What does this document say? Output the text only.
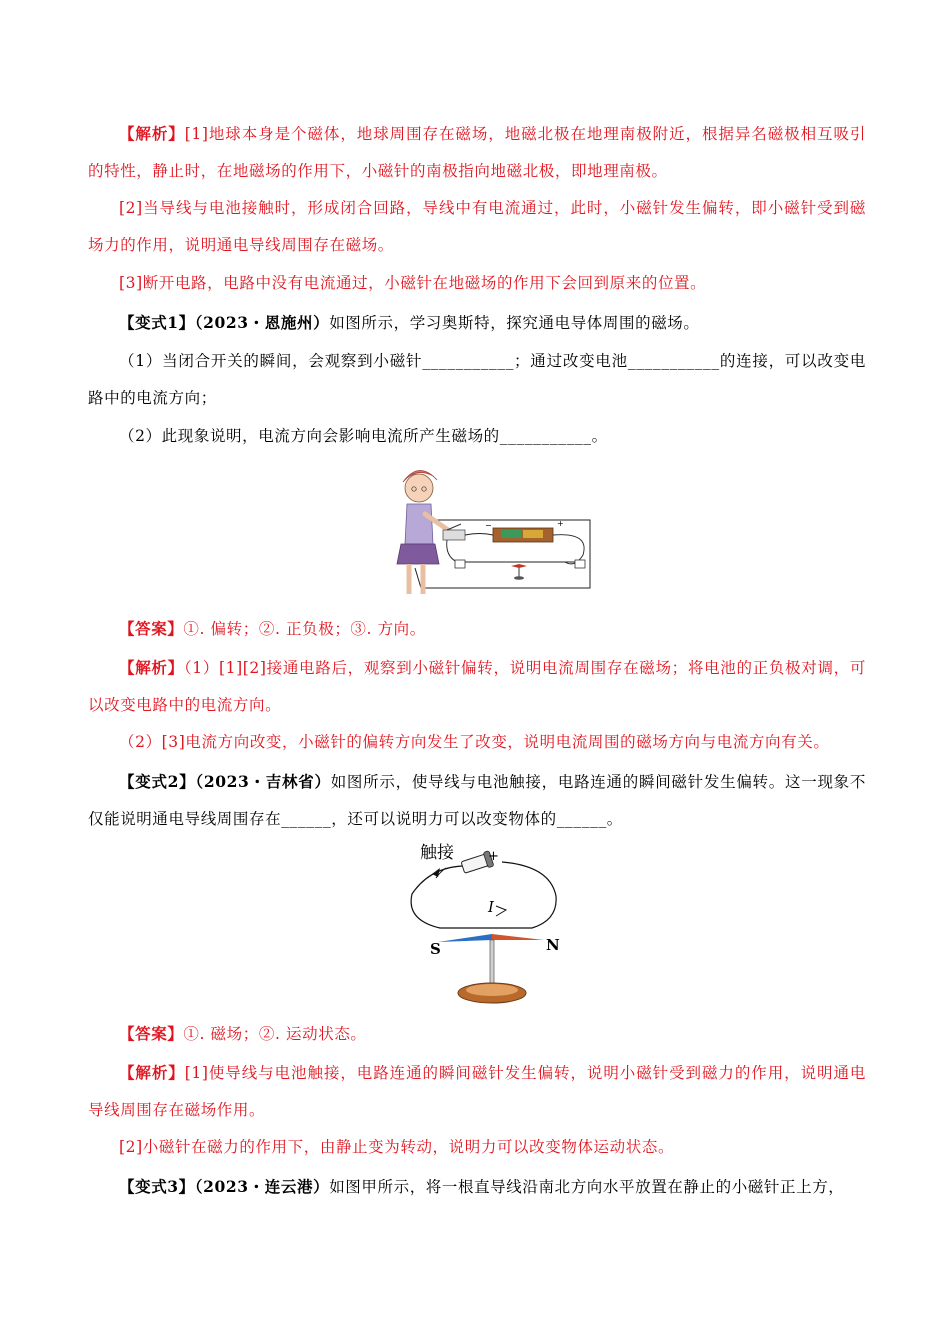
【解析】[1]地球本身是个磁体，地球周围存在磁场，地磁北极在地理南极附近，根据异名磁极相互吸引的特性，静止时，在地磁场的作用下，小磁针的南极指向地磁北极，即地理南极。

[2]当导线与电池接触时，形成闭合回路，导线中有电流通过，此时，小磁针发生偏转，即小磁针受到磁场力的作用，说明通电导线周围存在磁场。

[3]断开电路，电路中没有电流通过，小磁针在地磁场的作用下会回到原来的位置。

【变式1】（2023・恩施州）如图所示，学习奥斯特，探究通电导体周围的磁场。

（1）当闭合开关的瞬间，会观察到小磁针___________；通过改变电池___________的连接，可以改变电路中的电流方向；

（2）此现象说明，电流方向会影响电流所产生磁场的___________。

−	+

【答案】①. 偏转；②. 正负极；③. 方向。

【解析】（1）[1][2]接通电路后，观察到小磁针偏转，说明电流周围存在磁场；将电池的正负极对调，可以改变电路中的电流方向。

（2）[3]电流方向改变，小磁针的偏转方向发生了改变，说明电流周围的磁场方向与电流方向有关。

【变式2】（2023・吉林省）如图所示，使导线与电池触接，电路连通的瞬间磁针发生偏转。这一现象不仅能说明通电导线周围存在______，还可以说明力可以改变物体的______。

触接	+
I
S	N

【答案】①. 磁场；②. 运动状态。

【解析】[1]使导线与电池触接，电路连通的瞬间磁针发生偏转，说明小磁针受到磁力的作用，说明通电导线周围存在磁场作用。

[2]小磁针在磁力的作用下，由静止变为转动，说明力可以改变物体运动状态。

【变式3】（2023・连云港）如图甲所示，将一根直导线沿南北方向水平放置在静止的小磁针正上方，
